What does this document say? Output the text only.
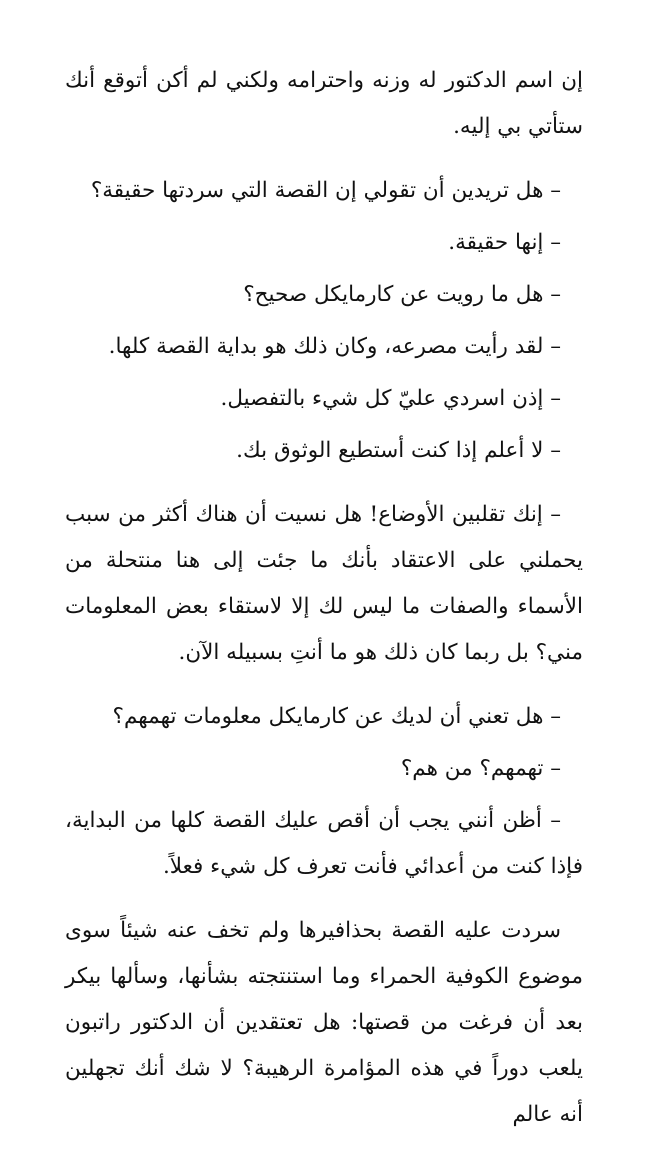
إن اسم الدكتور له وزنه واحترامه ولكني لم أكن أتوقع أنك ستأتي بي إليه.

– هل تريدين أن تقولي إن القصة التي سردتها حقيقة؟

– إنها حقيقة.

– هل ما رويت عن كارمايكل صحيح؟

– لقد رأيت مصرعه، وكان ذلك هو بداية القصة كلها.

– إذن اسردي عليّ كل شيء بالتفصيل.

– لا أعلم إذا كنت أستطيع الوثوق بك.

– إنك تقلبين الأوضاع! هل نسيت أن هناك أكثر من سبب يحملني على الاعتقاد بأنك ما جئت إلى هنا منتحلة من الأسماء والصفات ما ليس لك إلا لاستقاء بعض المعلومات مني؟ بل ربما كان ذلك هو ما أنتِ بسبيله الآن.

– هل تعني أن لديك عن كارمايكل معلومات تهمهم؟

– تهمهم؟ من هم؟

– أظن أنني يجب أن أقص عليك القصة كلها من البداية، فإذا كنت من أعدائي فأنت تعرف كل شيء فعلاً.

سردت عليه القصة بحذافيرها ولم تخف عنه شيئاً سوى موضوع الكوفية الحمراء وما استنتجته بشأنها، وسألها بيكر بعد أن فرغت من قصتها: هل تعتقدين أن الدكتور راتبون يلعب دوراً في هذه المؤامرة الرهيبة؟ لا شك أنك تجهلين أنه عالم
